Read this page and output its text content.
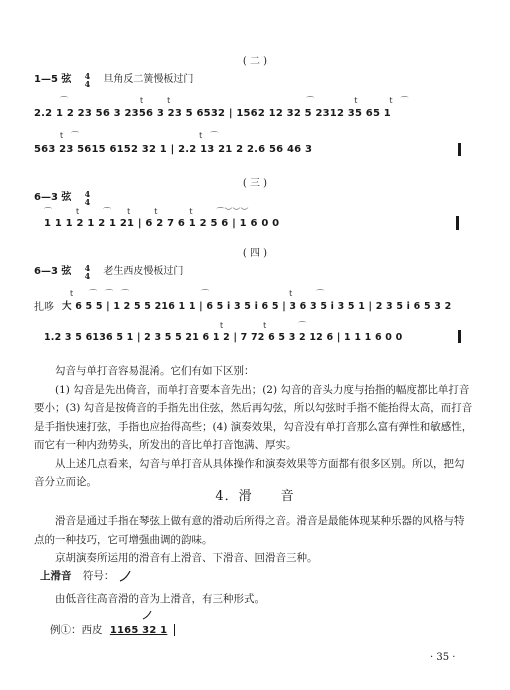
( 二 )
1—5 弦 4
4 旦角反二簧慢板过门
⌒　　　　　　　　　t　　　t　　　　　　　　　　　　　　　　　⌒　　　　　t　　　　t　⌒
2.2 1 2 23 56 3 2356 3 23 5 6532 | 1562 12 32 5 2312 35 65 1
t　⌒　　　　　　　　　　　　　　　t　⌒
563 23 5615 6152 32 1 | 2.2 13 21 2 2.6 56 46 3
( 三 )
6—3 弦 4
4
⌒　　　t　　　⌒　　t　　　t　　　　t　　　⌒︶︶︶
1 1 1 2 1 2 1 21 | 6 2 7 6 1 2 5 6 | 1 6 0 0
( 四 )
6—3 弦 4
4 老生西皮慢板过门
t　　⌒　⌒　⌒　　　　　　　　　⌒　　　　　　　　　　t　　　⌒
扎哆 大 6 5 5 | 1 2 5 5 216 1 1 | 6 5 i 3 5 i 6 5 | 3 6 3 5 i 3 5 1 | 2 3 5 i 6 5 3 2
t　　　　　t　　　　⌒
1.2 3 5 6136 5 1 | 2 3 5 5 21 6 1 2 | 7 72 6 5 3 2 12 6 | 1 1 1 6 0 0

勾音与单打音容易混淆。它们有如下区别：

(1) 勾音是先出倚音，而单打音要本音先出；(2) 勾音的音头力度与抬指的幅度都比单打音要小；(3) 勾音是按倚音的手指先出住弦，然后再勾弦，所以勾弦时手指不能抬得太高，而打音是手指快速打弦，手指也应抬得高些；(4) 演奏效果，勾音没有单打音那么富有弹性和敏感性，而它有一种内劲势头，所发出的音比单打音饱满、厚实。

从上述几点看来，勾音与单打音从具体操作和演奏效果等方面都有很多区别。所以，把勾音分立而论。

4．滑　　音

滑音是通过手指在琴弦上做有意的滑动后所得之音。滑音是最能体现某种乐器的风格与特点的一种技巧，它可增强曲调的韵味。

京胡演奏所运用的滑音有上滑音、下滑音、回滑音三种。

上滑音 符号：

由低音往高音滑的音为上滑音，有三种形式。

例①：西皮 1165 32 1
· 35 ·
